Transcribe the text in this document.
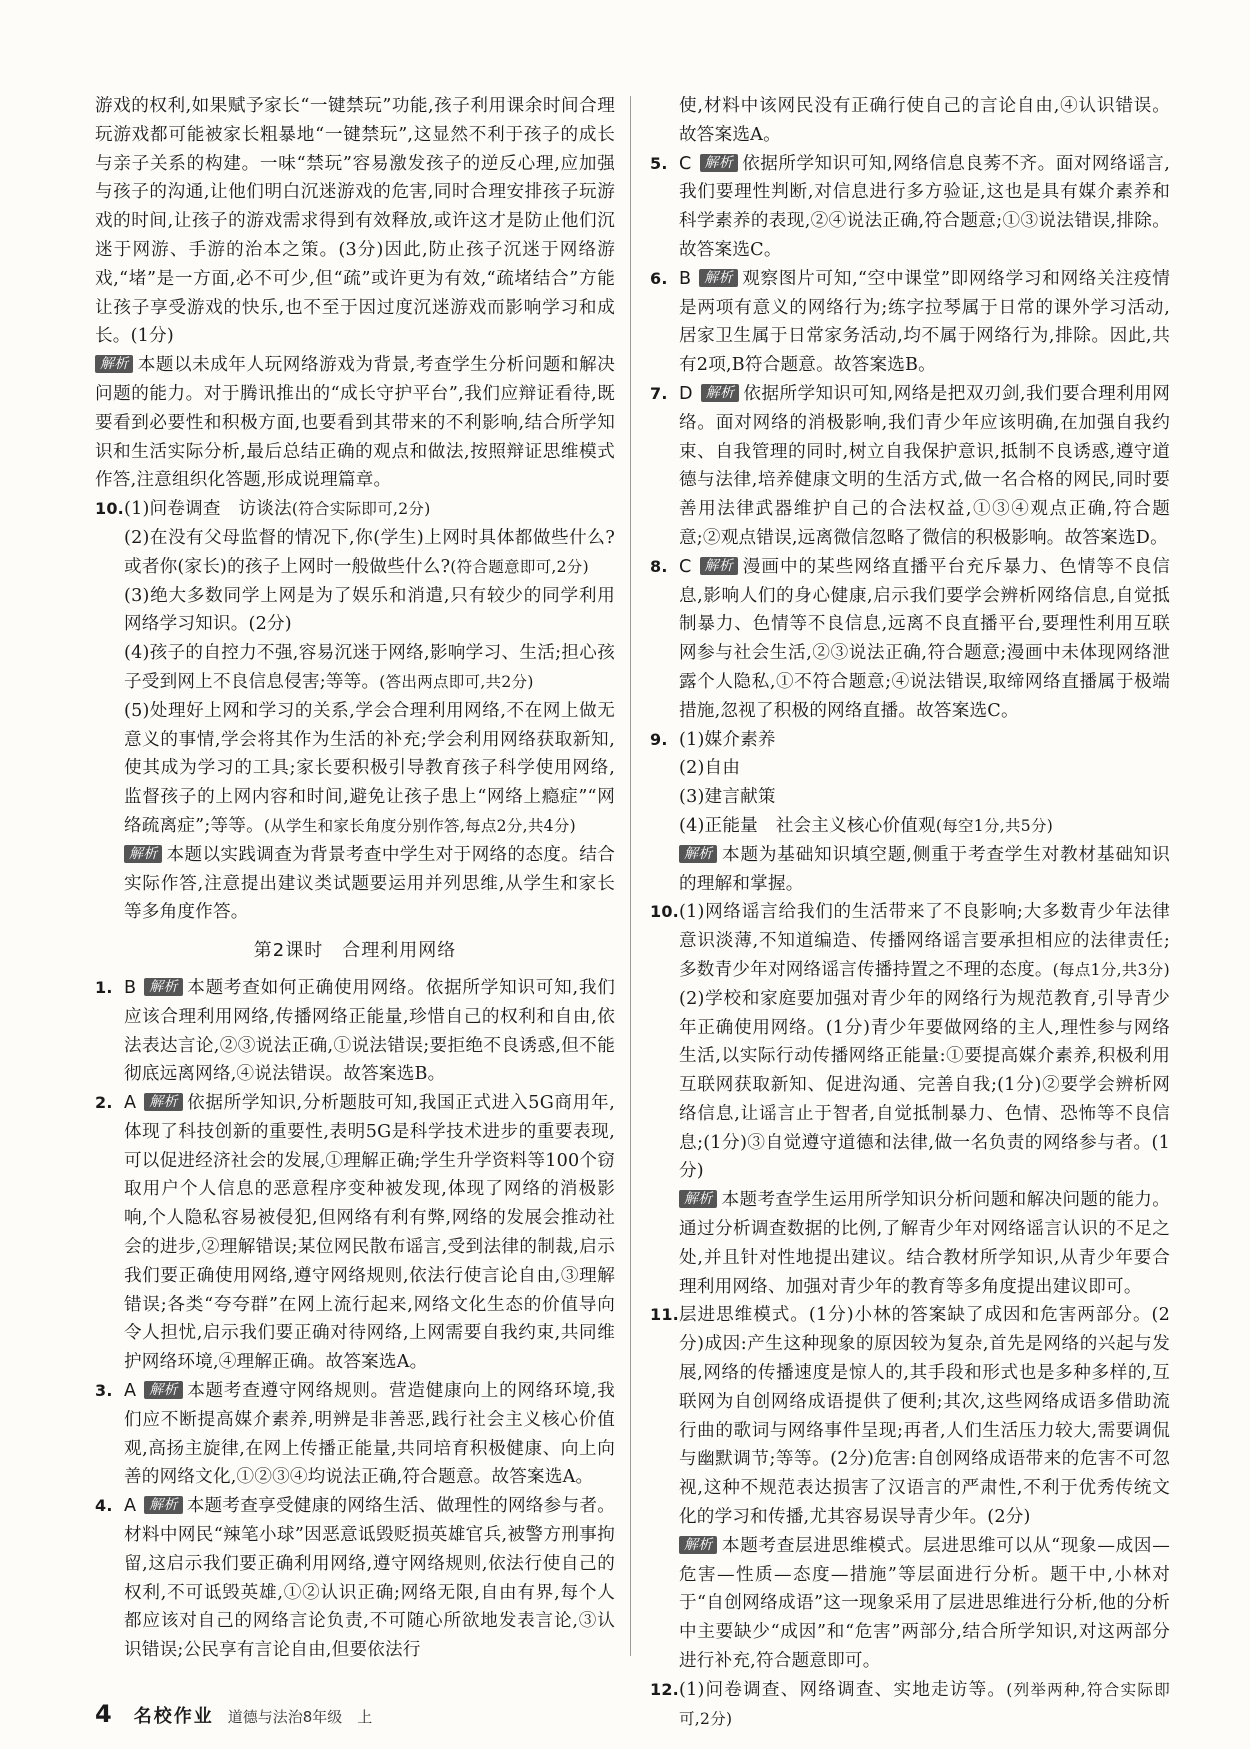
游戏的权利,如果赋予家长“一键禁玩”功能,孩子利用课余时间合理玩游戏都可能被家长粗暴地“一键禁玩”,这显然不利于孩子的成长与亲子关系的构建。一味“禁玩”容易激发孩子的逆反心理,应加强与孩子的沟通,让他们明白沉迷游戏的危害,同时合理安排孩子玩游戏的时间,让孩子的游戏需求得到有效释放,或许这才是防止他们沉迷于网游、手游的治本之策。(3分)因此,防止孩子沉迷于网络游戏,“堵”是一方面,必不可少,但“疏”或许更为有效,“疏堵结合”方能让孩子享受游戏的快乐,也不至于因过度沉迷游戏而影响学习和成长。(1分)

解析 本题以未成年人玩网络游戏为背景,考查学生分析问题和解决问题的能力。对于腾讯推出的“成长守护平台”,我们应辩证看待,既要看到必要性和积极方面,也要看到其带来的不利影响,结合所学知识和生活实际分析,最后总结正确的观点和做法,按照辩证思维模式作答,注意组织化答题,形成说理篇章。

10. (1)问卷调查　访谈法(符合实际即可,2分)

(2)在没有父母监督的情况下,你(学生)上网时具体都做些什么?或者你(家长)的孩子上网时一般做些什么?(符合题意即可,2分)

(3)绝大多数同学上网是为了娱乐和消遣,只有较少的同学利用网络学习知识。(2分)

(4)孩子的自控力不强,容易沉迷于网络,影响学习、生活;担心孩子受到网上不良信息侵害;等等。(答出两点即可,共2分)

(5)处理好上网和学习的关系,学会合理利用网络,不在网上做无意义的事情,学会将其作为生活的补充;学会利用网络获取新知,使其成为学习的工具;家长要积极引导教育孩子科学使用网络,监督孩子的上网内容和时间,避免让孩子患上“网络上瘾症”“网络疏离症”;等等。(从学生和家长角度分别作答,每点2分,共4分)

解析 本题以实践调查为背景考查中学生对于网络的态度。结合实际作答,注意提出建议类试题要运用并列思维,从学生和家长等多角度作答。

第2课时　合理利用网络
1. B 解析 本题考查如何正确使用网络。依据所学知识可知,我们应该合理利用网络,传播网络正能量,珍惜自己的权利和自由,依法表达言论,②③说法正确,①说法错误;要拒绝不良诱惑,但不能彻底远离网络,④说法错误。故答案选B。
2. A 解析 依据所学知识,分析题肢可知,我国正式进入5G商用年,体现了科技创新的重要性,表明5G是科学技术进步的重要表现,可以促进经济社会的发展,①理解正确;学生升学资料等100个窃取用户个人信息的恶意程序变种被发现,体现了网络的消极影响,个人隐私容易被侵犯,但网络有利有弊,网络的发展会推动社会的进步,②理解错误;某位网民散布谣言,受到法律的制裁,启示我们要正确使用网络,遵守网络规则,依法行使言论自由,③理解错误;各类“夸夸群”在网上流行起来,网络文化生态的价值导向令人担忧,启示我们要正确对待网络,上网需要自我约束,共同维护网络环境,④理解正确。故答案选A。
3. A 解析 本题考查遵守网络规则。营造健康向上的网络环境,我们应不断提高媒介素养,明辨是非善恶,践行社会主义核心价值观,高扬主旋律,在网上传播正能量,共同培育积极健康、向上向善的网络文化,①②③④均说法正确,符合题意。故答案选A。
4. A 解析 本题考查享受健康的网络生活、做理性的网络参与者。材料中网民“辣笔小球”因恶意诋毁贬损英雄官兵,被警方刑事拘留,这启示我们要正确利用网络,遵守网络规则,依法行使自己的权利,不可诋毁英雄,①②认识正确;网络无限,自由有界,每个人都应该对自己的网络言论负责,不可随心所欲地发表言论,③认识错误;公民享有言论自由,但要依法行

使,材料中该网民没有正确行使自己的言论自由,④认识错误。故答案选A。

5. C 解析 依据所学知识可知,网络信息良莠不齐。面对网络谣言,我们要理性判断,对信息进行多方验证,这也是具有媒介素养和科学素养的表现,②④说法正确,符合题意;①③说法错误,排除。故答案选C。
6. B 解析 观察图片可知,“空中课堂”即网络学习和网络关注疫情是两项有意义的网络行为;练字拉琴属于日常的课外学习活动,居家卫生属于日常家务活动,均不属于网络行为,排除。因此,共有2项,B符合题意。故答案选B。
7. D 解析 依据所学知识可知,网络是把双刃剑,我们要合理利用网络。面对网络的消极影响,我们青少年应该明确,在加强自我约束、自我管理的同时,树立自我保护意识,抵制不良诱惑,遵守道德与法律,培养健康文明的生活方式,做一名合格的网民,同时要善用法律武器维护自己的合法权益,①③④观点正确,符合题意;②观点错误,远离微信忽略了微信的积极影响。故答案选D。
8. C 解析 漫画中的某些网络直播平台充斥暴力、色情等不良信息,影响人们的身心健康,启示我们要学会辨析网络信息,自觉抵制暴力、色情等不良信息,远离不良直播平台,要理性利用互联网参与社会生活,②③说法正确,符合题意;漫画中未体现网络泄露个人隐私,①不符合题意;④说法错误,取缔网络直播属于极端措施,忽视了积极的网络直播。故答案选C。
9. (1)媒介素养

(2)自由

(3)建言献策

(4)正能量　社会主义核心价值观(每空1分,共5分)

解析 本题为基础知识填空题,侧重于考查学生对教材基础知识的理解和掌握。

10. (1)网络谣言给我们的生活带来了不良影响;大多数青少年法律意识淡薄,不知道编造、传播网络谣言要承担相应的法律责任;多数青少年对网络谣言传播持置之不理的态度。(每点1分,共3分)

(2)学校和家庭要加强对青少年的网络行为规范教育,引导青少年正确使用网络。(1分)青少年要做网络的主人,理性参与网络生活,以实际行动传播网络正能量:①要提高媒介素养,积极利用互联网获取新知、促进沟通、完善自我;(1分)②要学会辨析网络信息,让谣言止于智者,自觉抵制暴力、色情、恐怖等不良信息;(1分)③自觉遵守道德和法律,做一名负责的网络参与者。(1分)

解析 本题考查学生运用所学知识分析问题和解决问题的能力。通过分析调查数据的比例,了解青少年对网络谣言认识的不足之处,并且针对性地提出建议。结合教材所学知识,从青少年要合理利用网络、加强对青少年的教育等多角度提出建议即可。

11. 层进思维模式。(1分)小林的答案缺了成因和危害两部分。(2分)成因:产生这种现象的原因较为复杂,首先是网络的兴起与发展,网络的传播速度是惊人的,其手段和形式也是多种多样的,互联网为自创网络成语提供了便利;其次,这些网络成语多借助流行曲的歌词与网络事件呈现;再者,人们生活压力较大,需要调侃与幽默调节;等等。(2分)危害:自创网络成语带来的危害不可忽视,这种不规范表达损害了汉语言的严肃性,不利于优秀传统文化的学习和传播,尤其容易误导青少年。(2分)

解析 本题考查层进思维模式。层进思维可以从“现象—成因—危害—性质—态度—措施”等层面进行分析。题干中,小林对于“自创网络成语”这一现象采用了层进思维进行分析,他的分析中主要缺少“成因”和“危害”两部分,结合所学知识,对这两部分进行补充,符合题意即可。

12. (1)问卷调查、网络调查、实地走访等。(列举两种,符合实际即可,2分)

4 名校作业 道德与法治8年级　上
